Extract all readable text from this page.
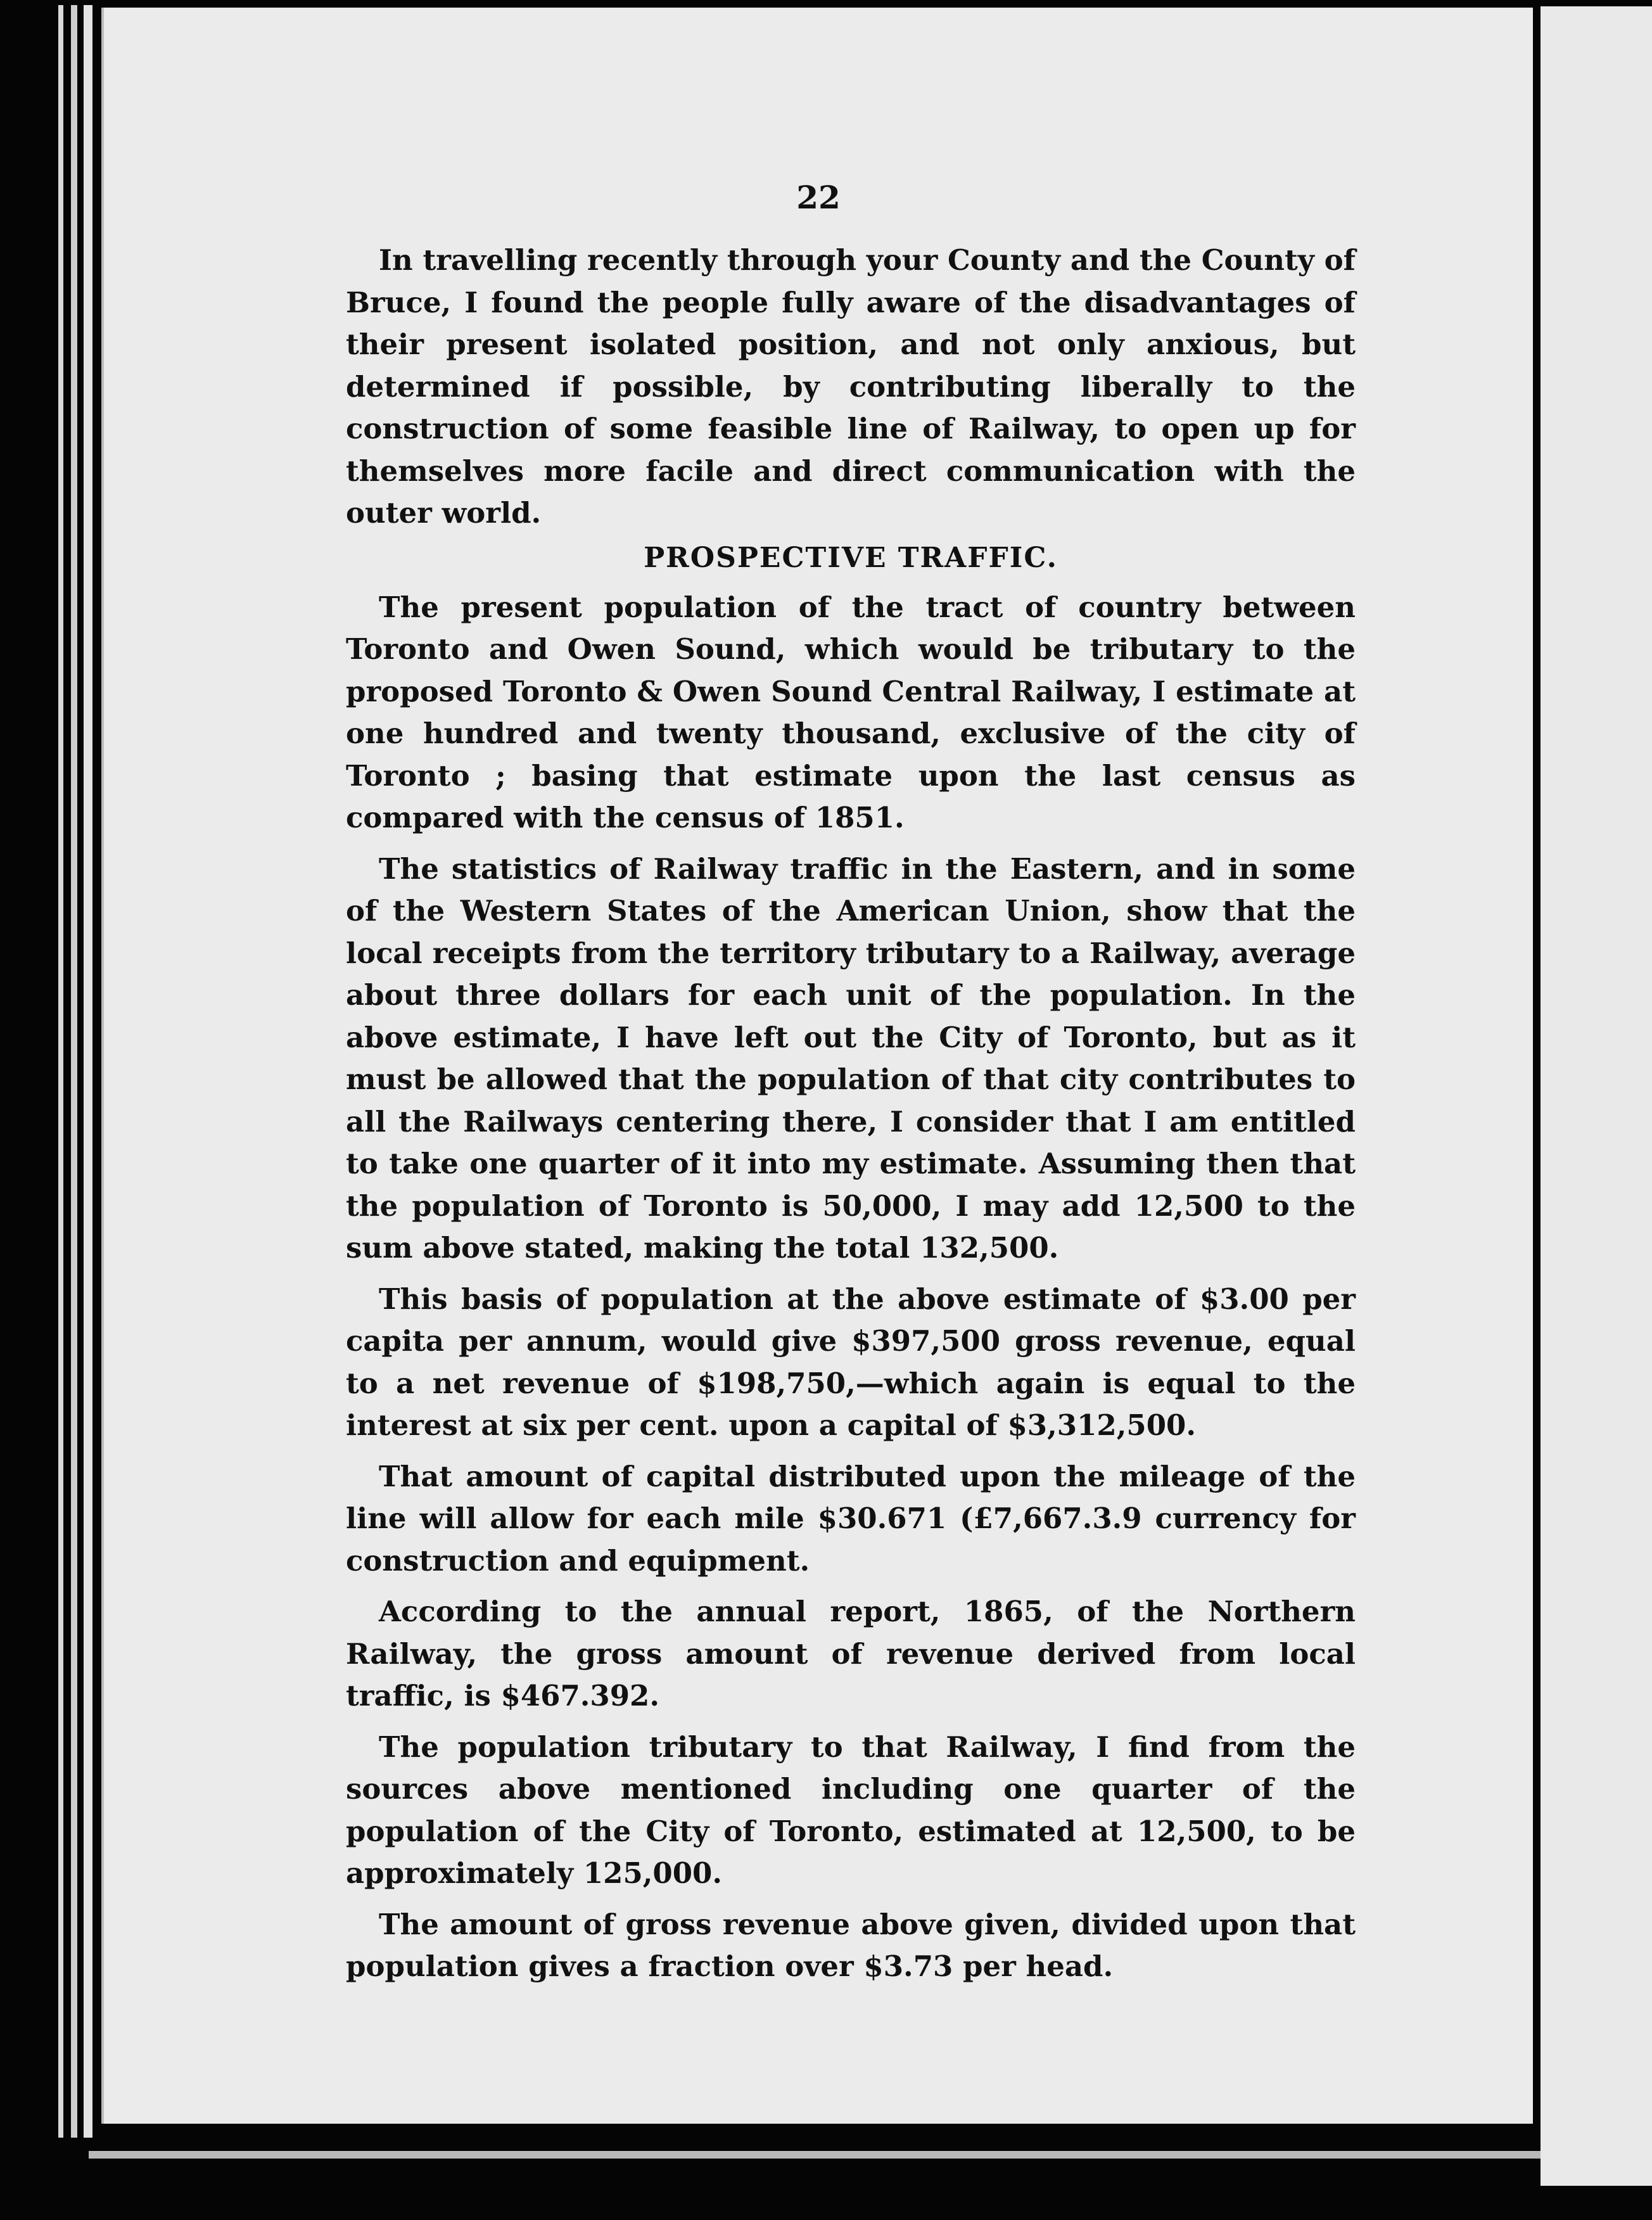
22

In travelling recently through your County and the County of Bruce, I found the people fully aware of the disadvantages of their present isolated position, and not only anxious, but determined if possible, by contributing liberally to the construction of some feasible line of Railway, to open up for themselves more facile and direct communication with the outer world.

PROSPECTIVE TRAFFIC.

The present population of the tract of country between Toronto and Owen Sound, which would be tributary to the proposed Toronto & Owen Sound Central Railway, I estimate at one hundred and twenty thousand, exclusive of the city of Toronto ; basing that estimate upon the last census as compared with the census of 1851.

The statistics of Railway traffic in the Eastern, and in some of the Western States of the American Union, show that the local receipts from the territory tributary to a Railway, average about three dollars for each unit of the population. In the above estimate, I have left out the City of Toronto, but as it must be allowed that the population of that city contributes to all the Railways centering there, I consider that I am entitled to take one quarter of it into my estimate. Assuming then that the population of Toronto is 50,000, I may add 12,500 to the sum above stated, making the total 132,500.

This basis of population at the above estimate of $3.00 per capita per annum, would give $397,500 gross revenue, equal to a net revenue of $198,750,—which again is equal to the interest at six per cent. upon a capital of $3,312,500.

That amount of capital distributed upon the mileage of the line will allow for each mile $30.671 (£7,667.3.9 currency for construction and equipment.

According to the annual report, 1865, of the Northern Railway, the gross amount of revenue derived from local traffic, is $467.392.

The population tributary to that Railway, I find from the sources above mentioned including one quarter of the population of the City of Toronto, estimated at 12,500, to be approximately 125,000.

The amount of gross revenue above given, divided upon that population gives a fraction over $3.73 per head.
